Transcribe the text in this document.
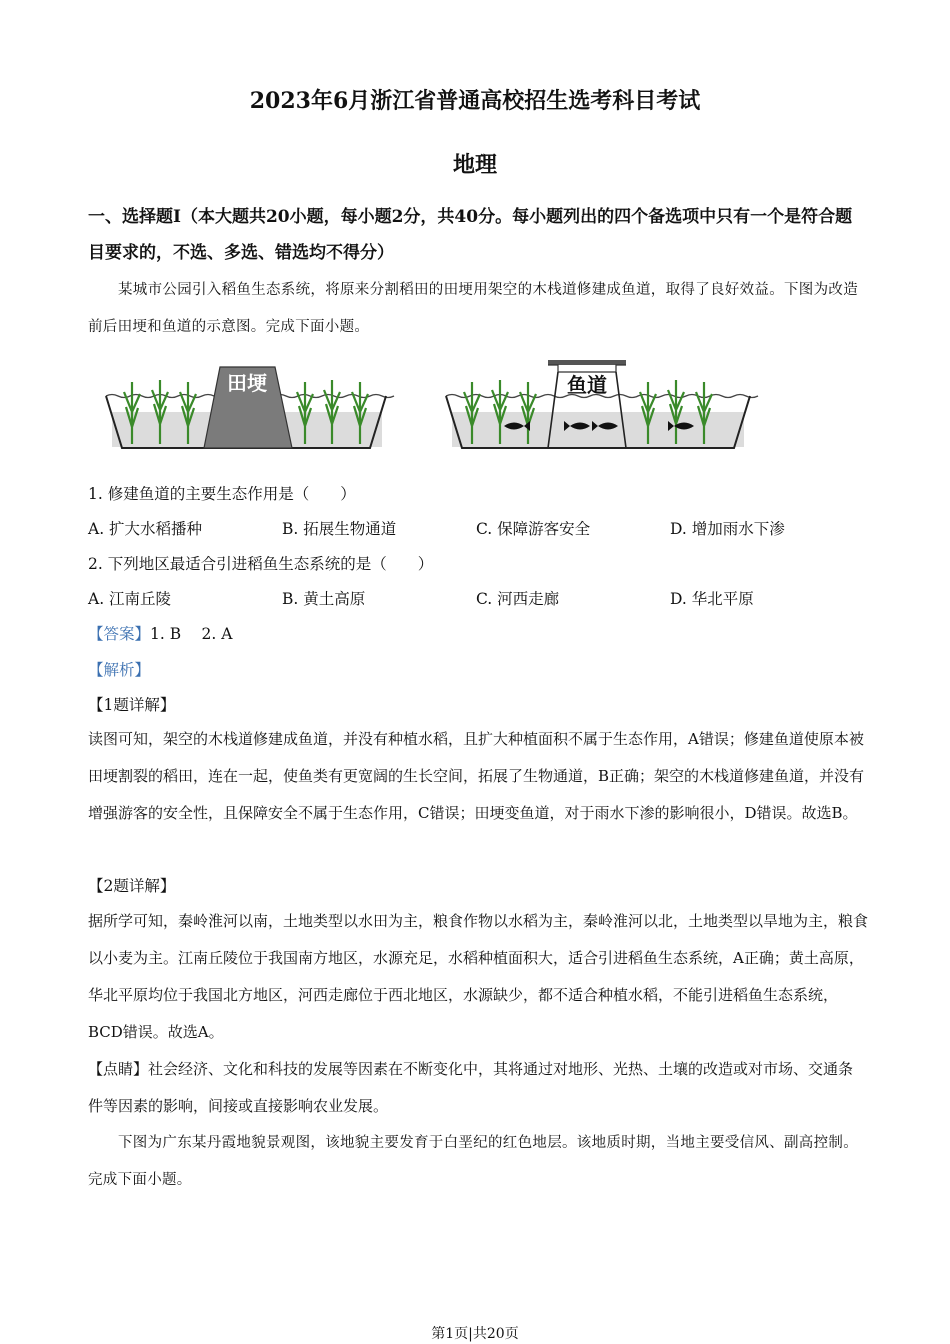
2023年6月浙江省普通高校招生选考科目考试
地理
一、选择题Ⅰ（本大题共20小题，每小题2分，共40分。每小题列出的四个备选项中只有一个是符合题目要求的，不选、多选、错选均不得分）
某城市公园引入稻鱼生态系统，将原来分割稻田的田埂用架空的木栈道修建成鱼道，取得了良好效益。下图为改造前后田埂和鱼道的示意图。完成下面小题。
田埂	鱼道
1. 修建鱼道的主要生态作用是（　　）
A. 扩大水稻播种	B. 拓展生物通道	C. 保障游客安全	D. 增加雨水下渗
2. 下列地区最适合引进稻鱼生态系统的是（　　）
A. 江南丘陵	B. 黄土高原	C. 河西走廊	D. 华北平原
【答案】1. B　 2. A
【解析】
【1题详解】
读图可知，架空的木栈道修建成鱼道，并没有种植水稻，且扩大种植面积不属于生态作用，A错误；修建鱼道使原本被田埂割裂的稻田，连在一起，使鱼类有更宽阔的生长空间，拓展了生物通道，B正确；架空的木栈道修建鱼道，并没有增强游客的安全性，且保障安全不属于生态作用，C错误；田埂变鱼道，对于雨水下渗的影响很小，D错误。故选B。
【2题详解】
据所学可知，秦岭淮河以南，土地类型以水田为主，粮食作物以水稻为主，秦岭淮河以北，土地类型以旱地为主，粮食以小麦为主。江南丘陵位于我国南方地区，水源充足，水稻种植面积大，适合引进稻鱼生态系统，A正确；黄土高原，华北平原均位于我国北方地区，河西走廊位于西北地区，水源缺少，都不适合种植水稻，不能引进稻鱼生态系统，BCD错误。故选A。
【点睛】社会经济、文化和科技的发展等因素在不断变化中，其将通过对地形、光热、土壤的改造或对市场、交通条件等因素的影响，间接或直接影响农业发展。
下图为广东某丹霞地貌景观图，该地貌主要发育于白垩纪的红色地层。该地质时期，当地主要受信风、副高控制。完成下面小题。
第1页|共20页
